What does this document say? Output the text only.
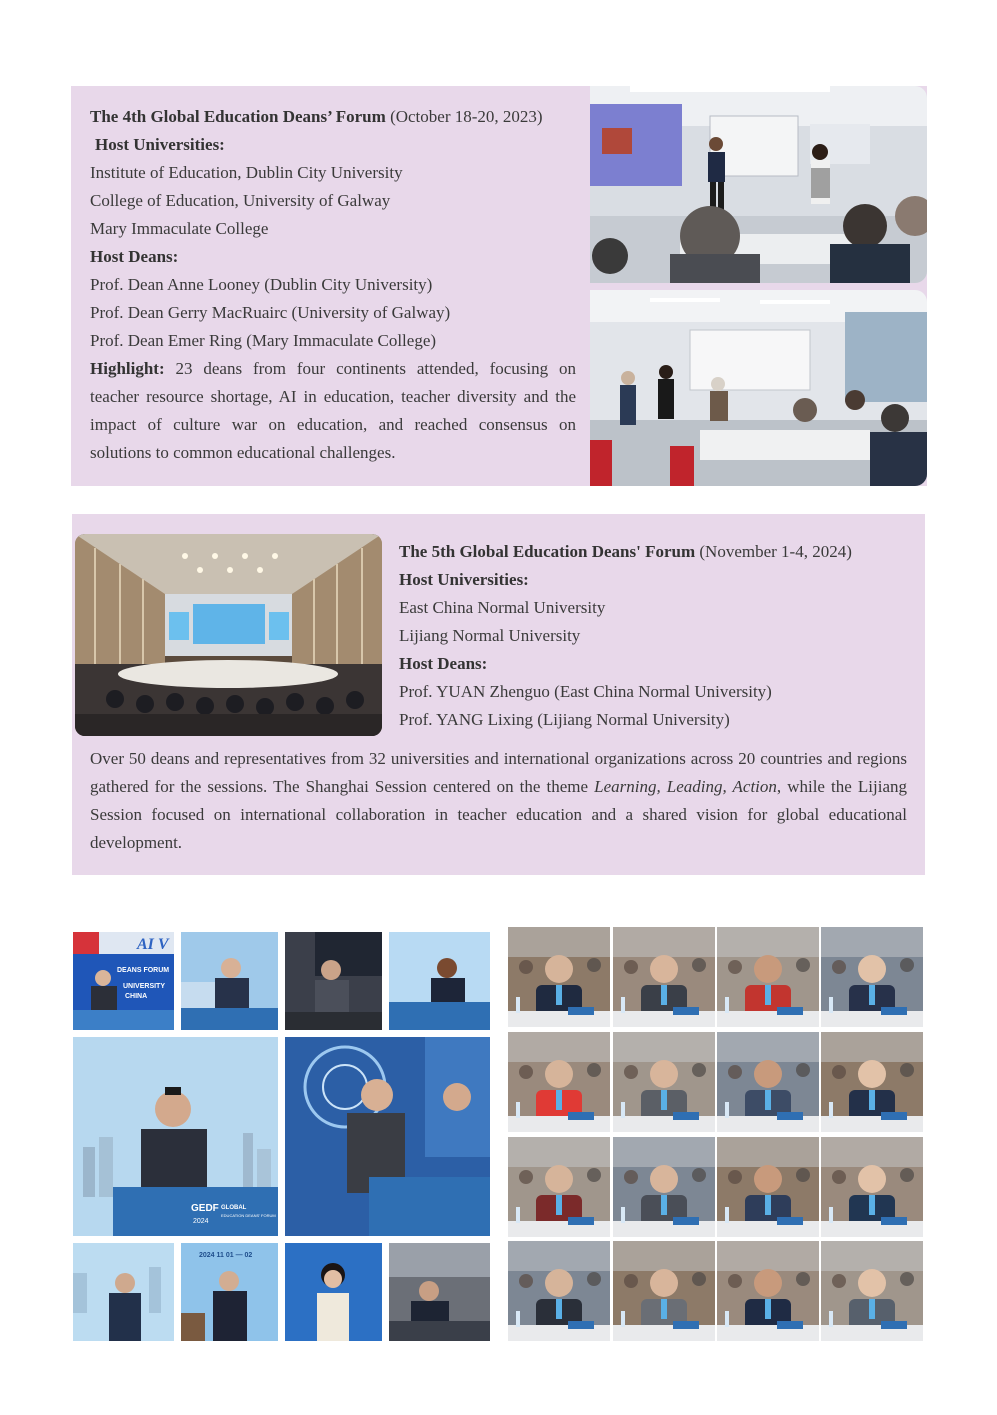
The 4th Global Education Deans’ Forum (October 18-20, 2023)
Host Universities:
Institute of Education, Dublin City University
College of Education, University of Galway
Mary Immaculate College
Host Deans:
Prof. Dean Anne Looney (Dublin City University)
Prof. Dean Gerry MacRuairc (University of Galway)
Prof. Dean Emer Ring (Mary Immaculate College)
Highlight: 23 deans from four continents attended, focusing on teacher resource shortage, AI in education, teacher diversity and the impact of culture war on education, and reached consensus on solutions to common educational challenges.
The 5th Global Education Deans' Forum (November 1-4, 2024)
Host Universities:
East China Normal University
Lijiang Normal University
Host Deans:
Prof. YUAN Zhenguo (East China Normal University)
Prof. YANG Lixing (Lijiang Normal University)
Over 50 deans and representatives from 32 universities and international organizations across 20 countries and regions gathered for the sessions. The Shanghai Session centered on the theme Learning, Leading, Action, while the Lijiang Session focused on international collaboration in teacher education and a shared vision for global educational development.
AI V
DEANS FORUM
UNIVERSITY
CHINA
GEDF
2024
GLOBAL
EDUCATION DEANS' FORUM
2024 11 01 — 02
